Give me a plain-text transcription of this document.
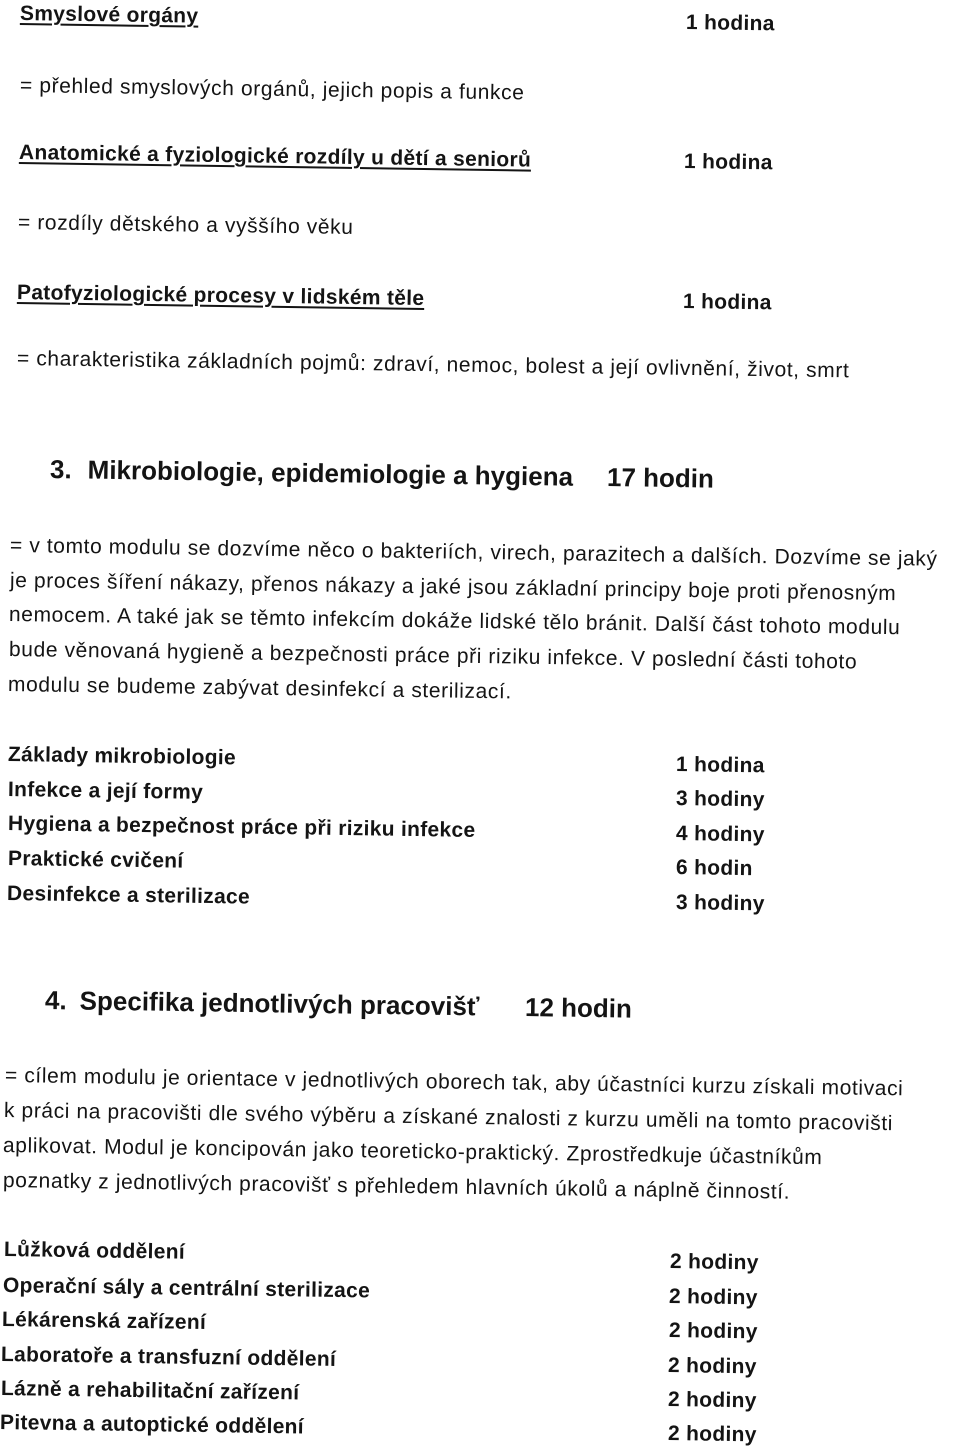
Smyslové orgány	1 hodina
= přehled smyslových orgánů, jejich popis a funkce
Anatomické a fyziologické rozdíly u dětí a seniorů	1 hodina
= rozdíly dětského a vyššího věku
Patofyziologické procesy v lidském těle	1 hodina
= charakteristika základních pojmů: zdraví, nemoc, bolest a její ovlivnění, život, smrt
3. Mikrobiologie, epidemiologie a hygiena 17 hodin
= v tomto modulu se dozvíme něco o bakteriích, virech, parazitech a dalších. Dozvíme se jaký
je proces šíření nákazy, přenos nákazy a jaké jsou základní principy boje proti přenosným
nemocem. A také jak se těmto infekcím dokáže lidské tělo bránit. Další část tohoto modulu
bude věnovaná hygieně a bezpečnosti práce při riziku infekce. V poslední části tohoto
modulu se budeme zabývat desinfekcí a sterilizací.
Základy mikrobiologie	1 hodina
Infekce a její formy	3 hodiny
Hygiena a bezpečnost práce při riziku infekce	4 hodiny
Praktické cvičení	6 hodin
Desinfekce a sterilizace	3 hodiny
4. Specifika jednotlivých pracovišť 12 hodin
= cílem modulu je orientace v jednotlivých oborech tak, aby účastníci kurzu získali motivaci
k práci na pracovišti dle svého výběru a získané znalosti z kurzu uměli na tomto pracovišti
aplikovat. Modul je koncipován jako teoreticko-praktický. Zprostředkuje účastníkům
poznatky z jednotlivých pracovišť s přehledem hlavních úkolů a náplně činností.
Lůžková oddělení	2 hodiny
Operační sály a centrální sterilizace	2 hodiny
Lékárenská zařízení	2 hodiny
Laboratoře a transfuzní oddělení	2 hodiny
Lázně a rehabilitační zařízení	2 hodiny
Pitevna a autoptické oddělení	2 hodiny
